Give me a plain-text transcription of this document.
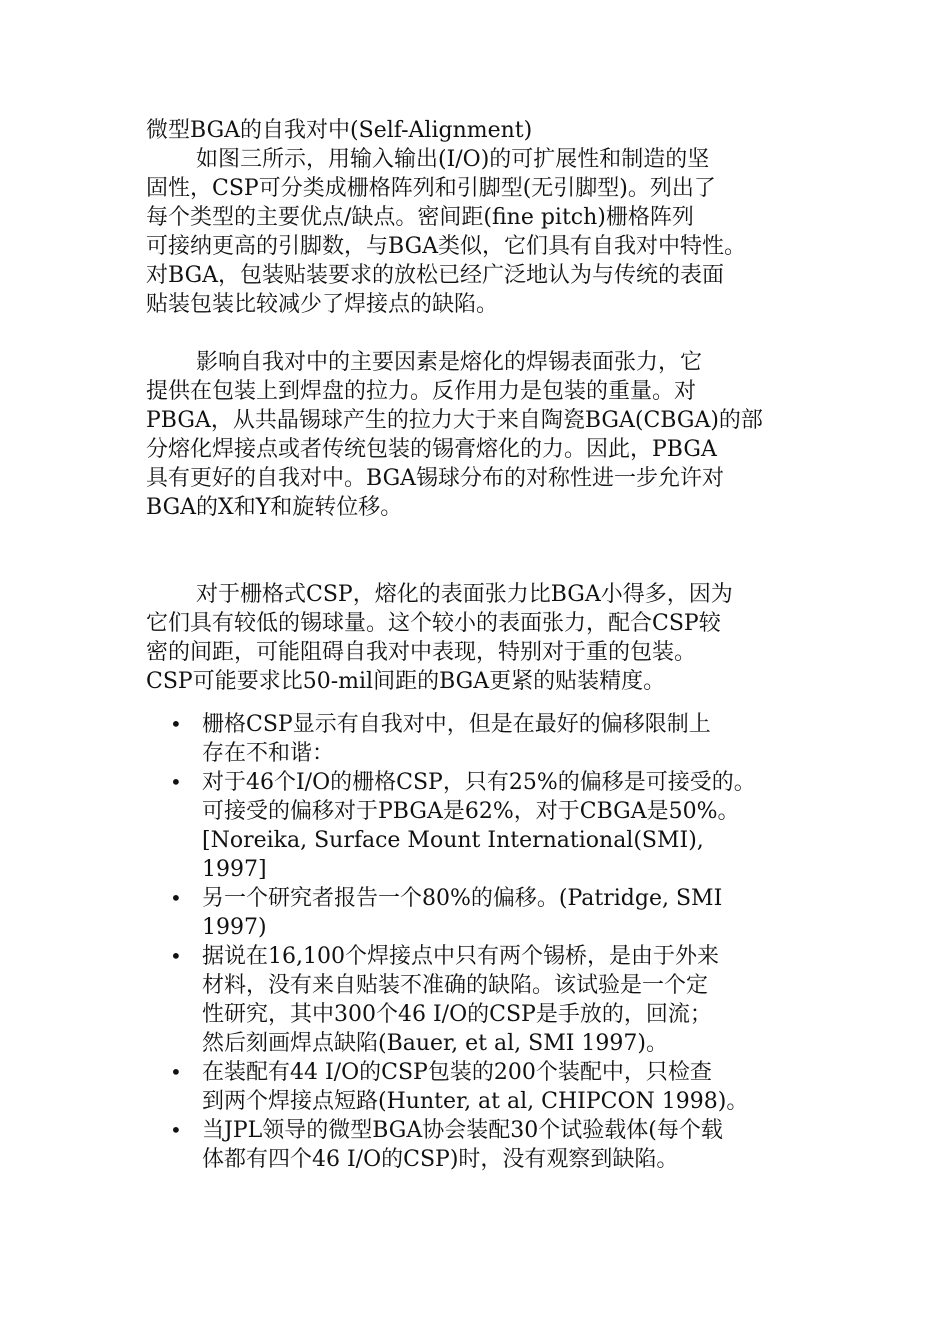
微型BGA的自我对中(Self-Alignment)

如图三所示，用输入输出(I/O)的可扩展性和制造的坚

固性，CSP可分类成栅格阵列和引脚型(无引脚型)。列出了

每个类型的主要优点/缺点。密间距(fine pitch)栅格阵列

可接纳更高的引脚数，与BGA类似，它们具有自我对中特性。

对BGA，包装贴装要求的放松已经广泛地认为与传统的表面

贴装包装比较减少了焊接点的缺陷。

影响自我对中的主要因素是熔化的焊锡表面张力，它

提供在包装上到焊盘的拉力。反作用力是包装的重量。对

PBGA，从共晶锡球产生的拉力大于来自陶瓷BGA(CBGA)的部

分熔化焊接点或者传统包装的锡膏熔化的力。因此，PBGA

具有更好的自我对中。BGA锡球分布的对称性进一步允许对

BGA的X和Y和旋转位移。

对于栅格式CSP，熔化的表面张力比BGA小得多，因为

它们具有较低的锡球量。这个较小的表面张力，配合CSP较

密的间距，可能阻碍自我对中表现，特别对于重的包装。

CSP可能要求比50-mil间距的BGA更紧的贴装精度。

• 栅格CSP显示有自我对中，但是在最好的偏移限制上
存在不和谐：
• 对于46个I/O的栅格CSP，只有25%的偏移是可接受的。
可接受的偏移对于PBGA是62%，对于CBGA是50%。
[Noreika, Surface Mount International(SMI),
1997]
• 另一个研究者报告一个80%的偏移。(Patridge, SMI
1997)
• 据说在16,100个焊接点中只有两个锡桥，是由于外来
材料，没有来自贴装不准确的缺陷。该试验是一个定
性研究，其中300个46 I/O的CSP是手放的，回流；
然后刻画焊点缺陷(Bauer, et al, SMI 1997)。
• 在装配有44 I/O的CSP包装的200个装配中，只检查
到两个焊接点短路(Hunter, at al, CHIPCON 1998)。
• 当JPL领导的微型BGA协会装配30个试验载体(每个载
体都有四个46 I/O的CSP)时，没有观察到缺陷。
